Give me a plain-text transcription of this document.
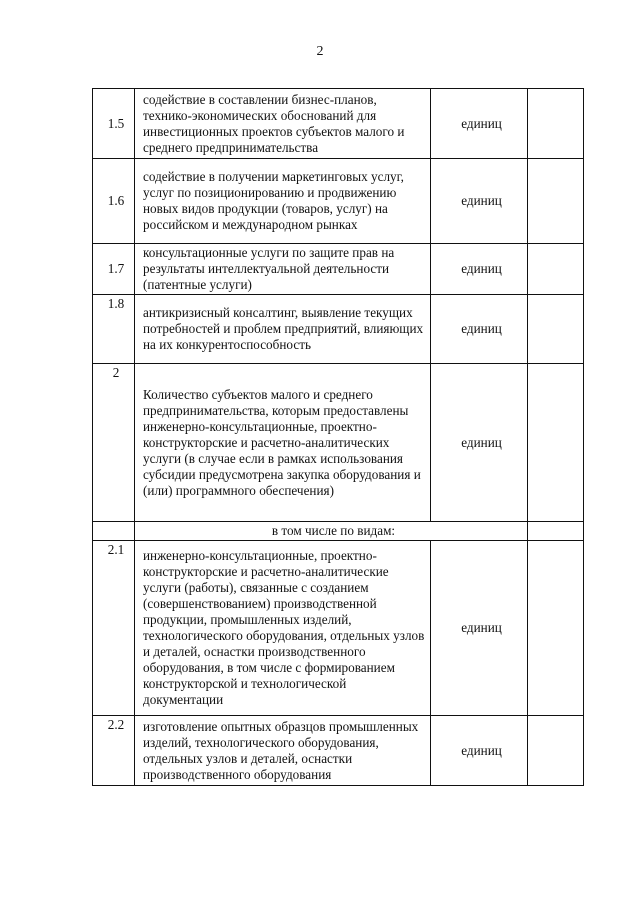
2
1.5	содействие в составлении бизнес-планов, технико-экономических обоснований для инвестиционных проектов субъектов малого и среднего предпринимательства	единиц	
1.6	содействие в получении маркетинговых услуг, услуг по позиционированию и продвижению новых видов продукции (товаров, услуг) на российском и международном рынках	единиц	
1.7	консультационные услуги по защите прав на результаты интеллектуальной деятельности (патентные услуги)	единиц	
1.8	антикризисный консалтинг, выявление текущих потребностей и проблем предприятий, влияющих на их конкурентоспособность	единиц	
2	Количество субъектов малого и среднего предпринимательства, которым предоставлены инженерно-консультационные, проектно-конструкторские и расчетно-аналитических услуги (в случае если в рамках использования субсидии предусмотрена закупка оборудования и (или) программного обеспечения)	единиц	
	в том числе по видам:		
2.1	инженерно-консультационные, проектно-конструкторские и расчетно-аналитические услуги (работы), связанные с созданием (совершенствованием) производственной продукции, промышленных изделий, технологического оборудования, отдельных узлов и деталей, оснастки производственного оборудования, в том числе с формированием конструкторской и технологической документации	единиц	
2.2	изготовление опытных образцов промышленных изделий, технологического оборудования, отдельных узлов и деталей, оснастки производственного оборудования	единиц	
